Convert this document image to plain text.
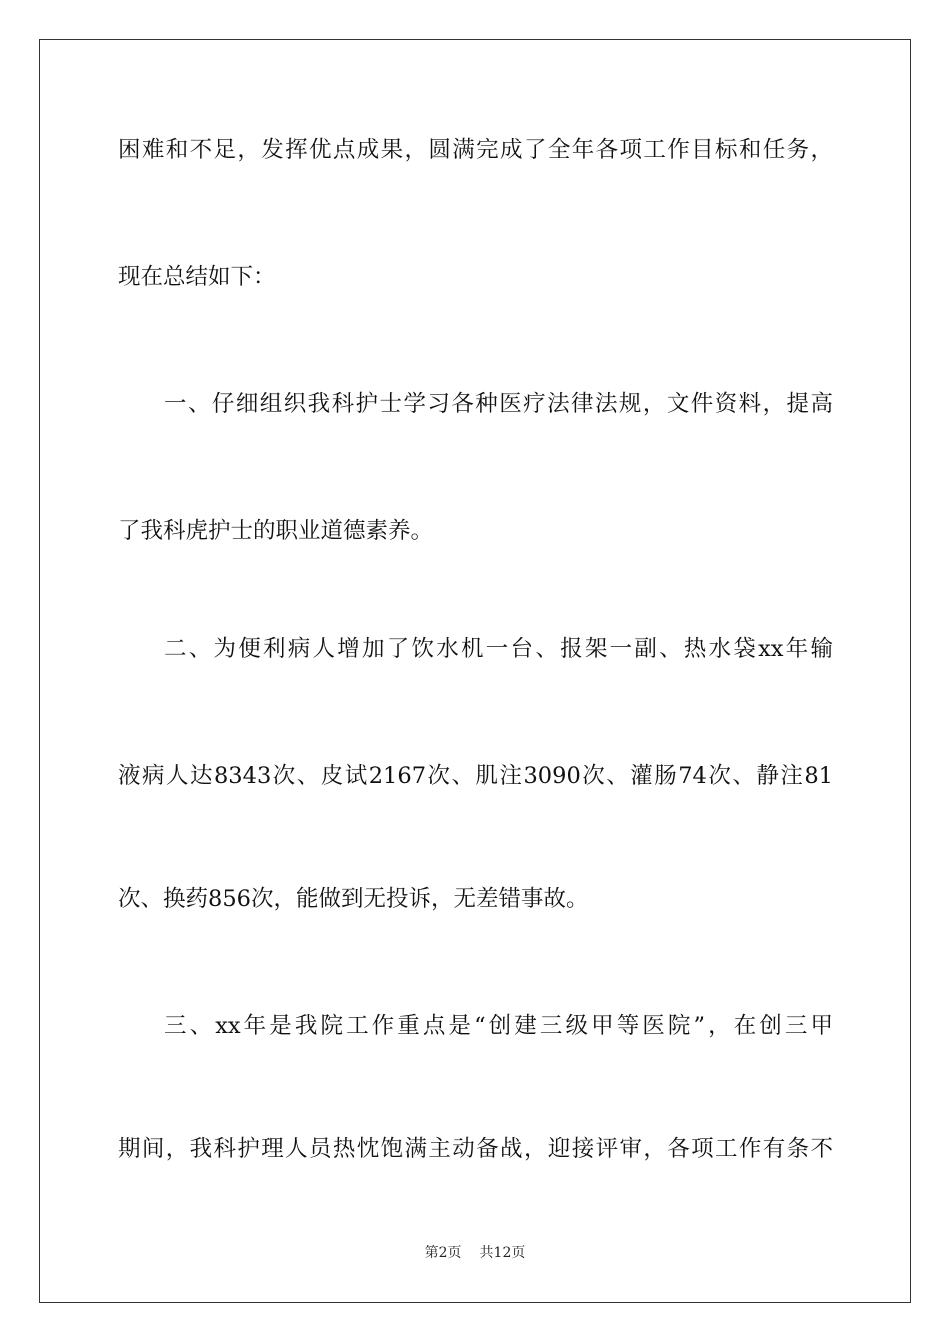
困难和不足，发挥优点成果，圆满完成了全年各项工作目标和任务，
现在总结如下：
一、仔细组织我科护士学习各种医疗法律法规，文件资料，提高
了我科虎护士的职业道德素养。
二、为便利病人增加了饮水机一台、报架一副、热水袋xx年输
液病人达8343次、皮试2167次、肌注3090次、灌肠74次、静注81
次、换药856次，能做到无投诉，无差错事故。
三、xx年是我院工作重点是“创建三级甲等医院”，在创三甲
期间，我科护理人员热忱饱满主动备战，迎接评审，各项工作有条不
第2页 共12页
